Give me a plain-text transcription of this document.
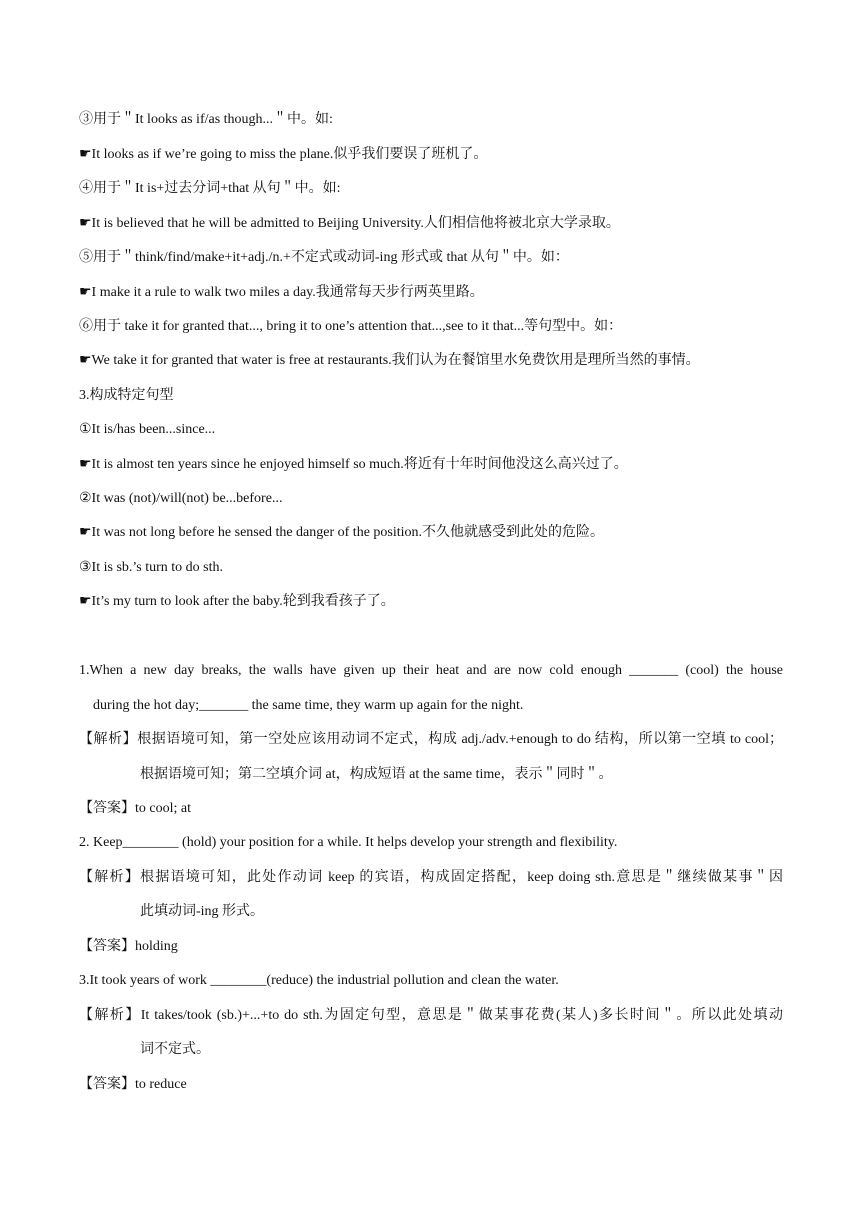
③用于＂It looks as if/as though...＂中。如:
☛It looks as if we’re going to miss the plane.似乎我们要误了班机了。
④用于＂It is+过去分词+that 从句＂中。如:
☛It is believed that he will be admitted to Beijing University.人们相信他将被北京大学录取。
⑤用于＂think/find/make+it+adj./n.+不定式或动词-ing 形式或 that 从句＂中。如：
☛I make it a rule to walk two miles a day.我通常每天步行两英里路。
⑥用于 take it for granted that..., bring it to one’s attention that...,see to it that...等句型中。如：
☛We take it for granted that water is free at restaurants.我们认为在餐馆里水免费饮用是理所当然的事情。
3.构成特定句型
①It is/has been...since...
☛It is almost ten years since he enjoyed himself so much.将近有十年时间他没这么高兴过了。
②It was (not)/will(not) be...before...
☛It was not long before he sensed the danger of the position.不久他就感受到此处的危险。
③It is sb.’s turn to do sth.
☛It’s my turn to look after the baby.轮到我看孩子了。
1.When a new day breaks, the walls have given up their heat and are now cold enough _______ (cool) the house
during the hot day;_______ the same time, they warm up again for the night.
【解析】根据语境可知，第一空处应该用动词不定式，构成 adj./adv.+enough to do 结构，所以第一空填 to cool；
根据语境可知；第二空填介词 at，构成短语 at the same time，表示＂同时＂。
【答案】to cool; at
2. Keep________ (hold) your position for a while. It helps develop your strength and flexibility.
【解析】根据语境可知，此处作动词 keep 的宾语，构成固定搭配，keep doing sth.意思是＂继续做某事＂因
此填动词-ing 形式。
【答案】holding
3.It took years of work ________(reduce) the industrial pollution and clean the water.
【解析】It takes/took (sb.)+...+to do sth.为固定句型，意思是＂做某事花费(某人)多长时间＂。所以此处填动
词不定式。
【答案】to reduce
